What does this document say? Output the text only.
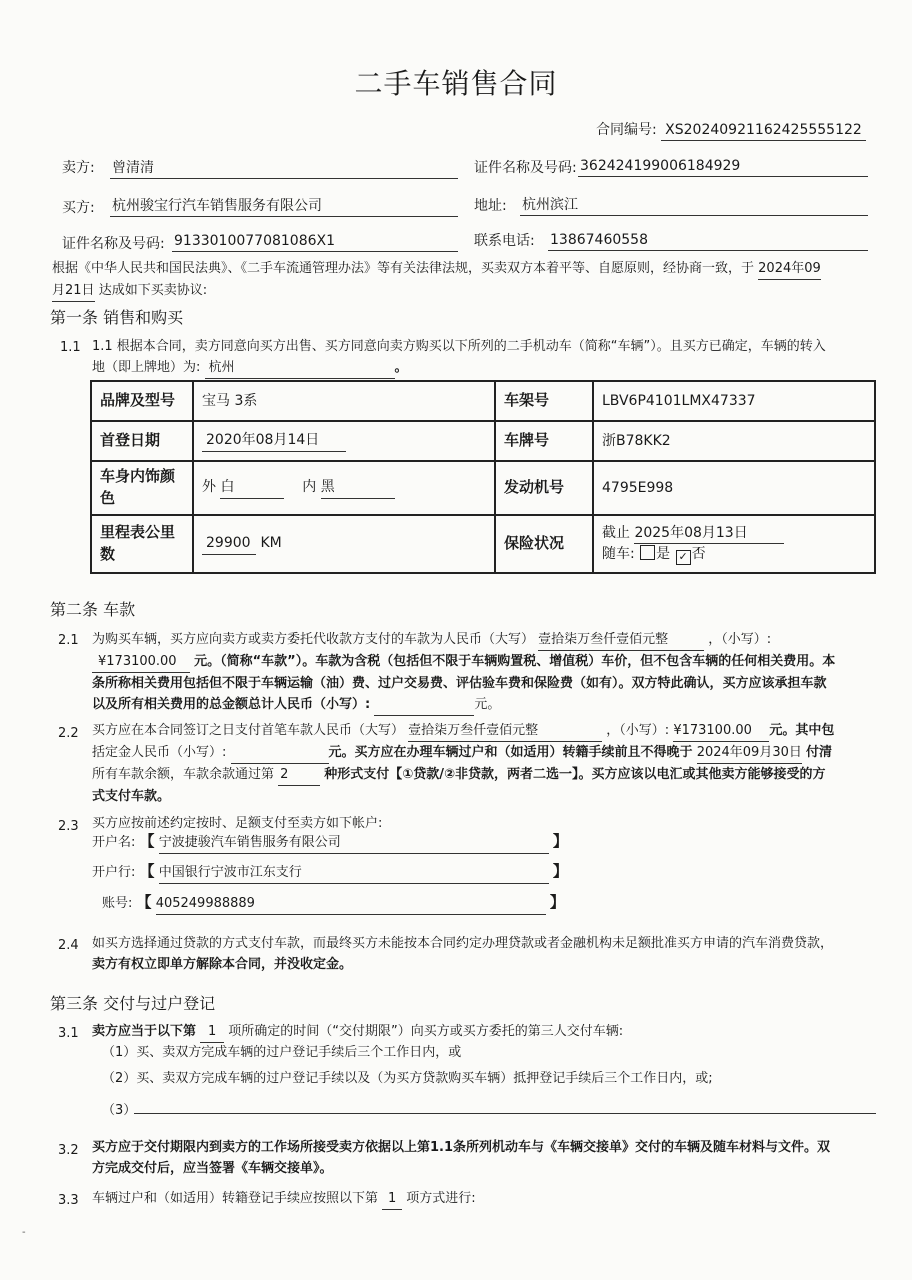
二手车销售合同
合同编号: XS20240921162425555122
卖方: 曾清清	证件名称及号码: 362424199006184929
买方: 杭州骏宝行汽车销售服务有限公司	地址: 杭州滨江
证件名称及号码: 9133010077081086X1	联系电话: 13867460558
根据《中华人民共和国民法典》、《二手车流通管理办法》等有关法律法规，买卖双方本着平等、自愿原则，经协商一致，于 2024年09
月21日 达成如下买卖协议:
第一条 销售和购买
1.1 1.1 根据本合同，卖方同意向买方出售、买方同意向卖方购买以下所列的二手机动车（简称“车辆”）。且买方已确定，车辆的转入
地（即上牌地）为: 杭州	。
品牌及型号	宝马 3系	车架号	LBV6P4101LMX47337
首登日期	2020年08月14日	车牌号	浙B78KK2
车身内饰颜色	外 白 内 黑	发动机号	4795E998
里程表公里数	29900 KM	保险状况	截止 2025年08月13日
随车: 是 ✓ 否
第二条 车款
2.1 为购买车辆，买方应向卖方或卖方委托代收款方支付的车款为人民币（大写） 壹拾柒万叁仟壹佰元整	，（小写）:
¥173100.00 元。（简称“车款”）。车款为含税（包括但不限于车辆购置税、增值税）车价，但不包含车辆的任何相关费用。本
条所称相关费用包括但不限于车辆运输（油）费、过户交易费、评估验车费和保险费（如有）。双方特此确认，买方应该承担车款
以及所有相关费用的总金额总计人民币（小写）:	元。
2.2 买方应在本合同签订之日支付首笔车款人民币（大写） 壹拾柒万叁仟壹佰元整	，（小写）: ¥173100.00 元。其中包
括定金人民币（小写）:	元。买方应在办理车辆过户和（如适用）转籍手续前且不得晚于 2024年09月30日 付清
所有车款余额，车款余款通过第 2	种形式支付【①贷款/②非贷款，两者二选一】。买方应该以电汇或其他卖方能够接受的方
式支付车款。
2.3 买方应按前述约定按时、足额支付至卖方如下帐户:
开户名: 【 宁波捷骏汽车销售服务有限公司	】
开户行: 【 中国银行宁波市江东支行	】
账号: 【 405249988889	】
2.4 如买方选择通过贷款的方式支付车款，而最终买方未能按本合同约定办理贷款或者金融机构未足额批准买方申请的汽车消费贷款，
卖方有权立即单方解除本合同，并没收定金。
第三条 交付与过户登记
3.1 卖方应当于以下第 1 项所确定的时间（“交付期限”）向买方或买方委托的第三人交付车辆:
（1）买、卖双方完成车辆的过户登记手续后三个工作日内，或
（2）买、卖双方完成车辆的过户登记手续以及（为买方贷款购买车辆）抵押登记手续后三个工作日内，或;
（3）
3.2 买方应于交付期限内到卖方的工作场所接受卖方依据以上第1.1条所列机动车与《车辆交接单》交付的车辆及随车材料与文件。双
方完成交付后，应当签署《车辆交接单》。
3.3 车辆过户和（如适用）转籍登记手续应按照以下第 1 项方式进行:
-
